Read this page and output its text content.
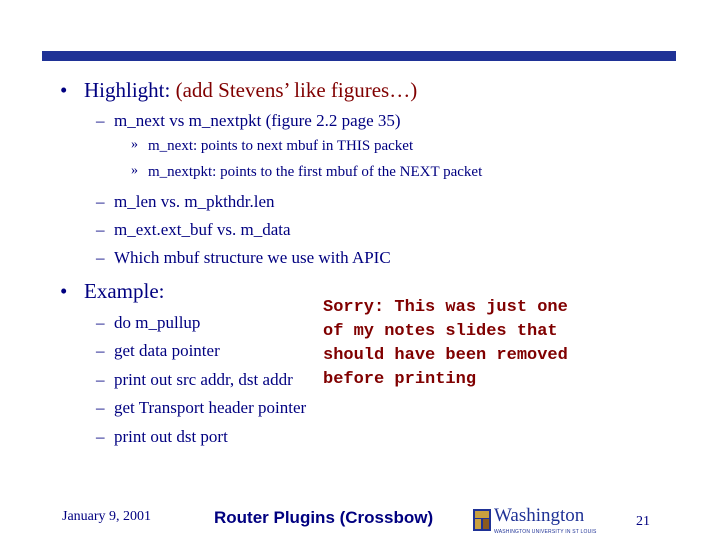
• Highlight: (add Stevens’ like figures…)
– m_next vs m_nextpkt (figure 2.2 page 35)
» m_next: points to next mbuf in THIS packet
» m_nextpkt: points to the first mbuf of the NEXT packet
– m_len vs. m_pkthdr.len
– m_ext.ext_buf vs. m_data
– Which mbuf structure we use with APIC
• Example:
– do m_pullup
– get data pointer
– print out src addr, dst addr
– get Transport header pointer
– print out dst port
Sorry: This was just one
of my notes slides that
should have been removed
before printing
January 9, 2001	Router Plugins (Crossbow)	Washington
WASHINGTON UNIVERSITY IN ST LOUIS
21
